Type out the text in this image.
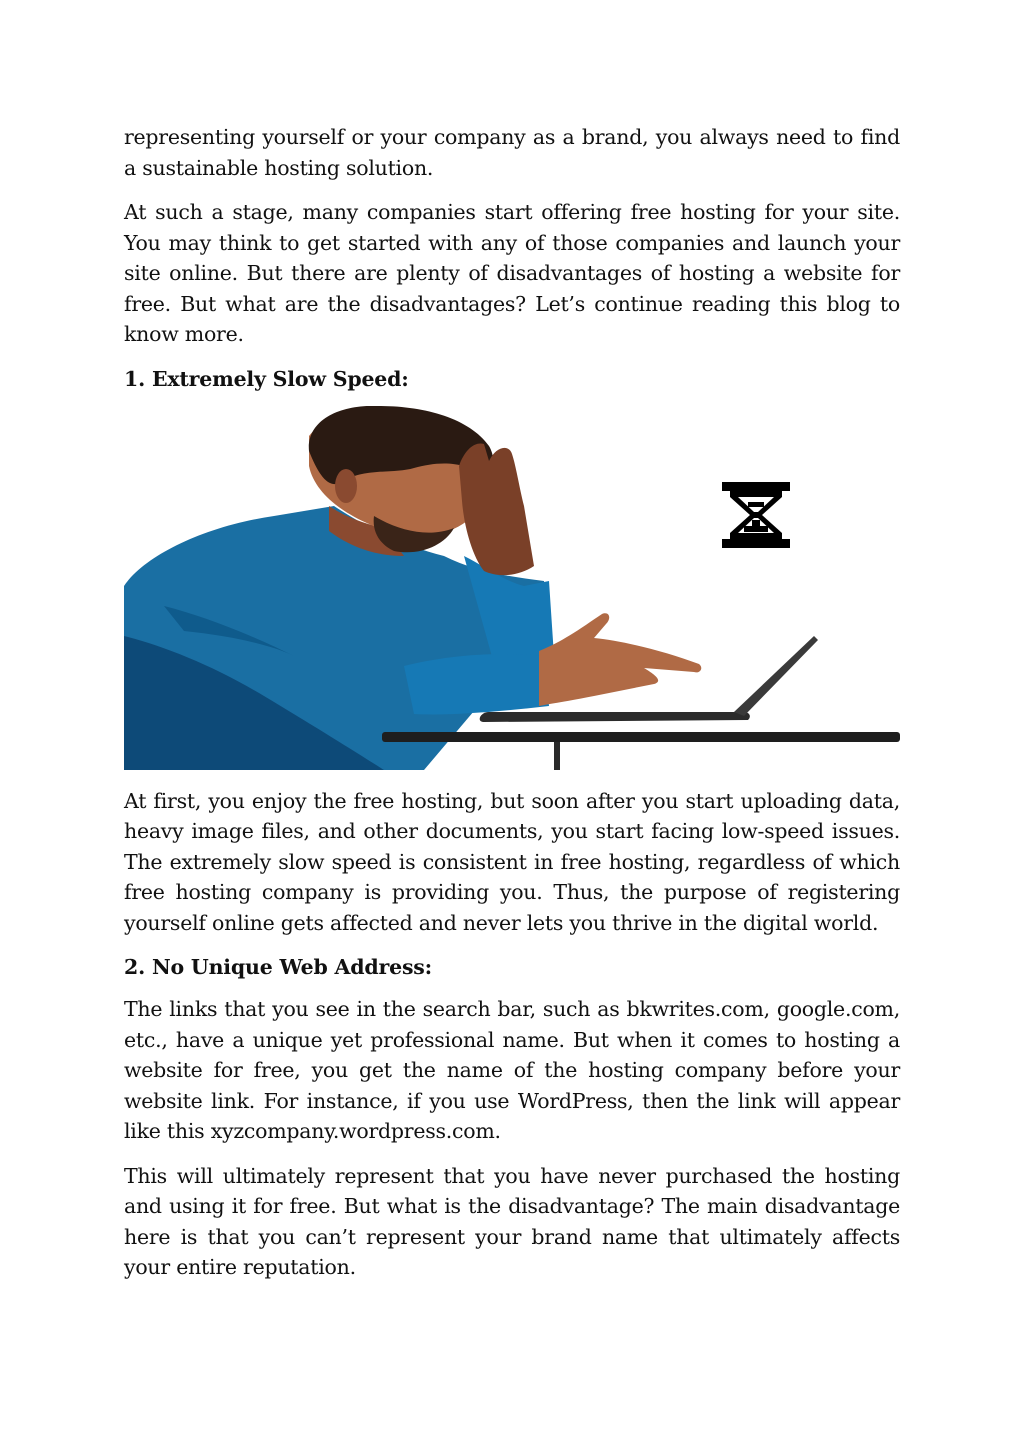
representing yourself or your company as a brand, you always need to find a sustainable hosting solution.

At such a stage, many companies start offering free hosting for your site. You may think to get started with any of those companies and launch your site online. But there are plenty of disadvantages of hosting a website for free. But what are the disadvantages? Let’s continue reading this blog to know more.

1. Extremely Slow Speed:

At first, you enjoy the free hosting, but soon after you start uploading data, heavy image files, and other documents, you start facing low-speed issues. The extremely slow speed is consistent in free hosting, regardless of which free hosting company is providing you. Thus, the purpose of registering yourself online gets affected and never lets you thrive in the digital world.

2. No Unique Web Address:

The links that you see in the search bar, such as bkwrites.com, google.com, etc., have a unique yet professional name. But when it comes to hosting a website for free, you get the name of the hosting company before your website link. For instance, if you use WordPress, then the link will appear like this xyzcompany.wordpress.com.

This will ultimately represent that you have never purchased the hosting and using it for free. But what is the disadvantage? The main disadvantage here is that you can’t represent your brand name that ultimately affects your entire reputation.
